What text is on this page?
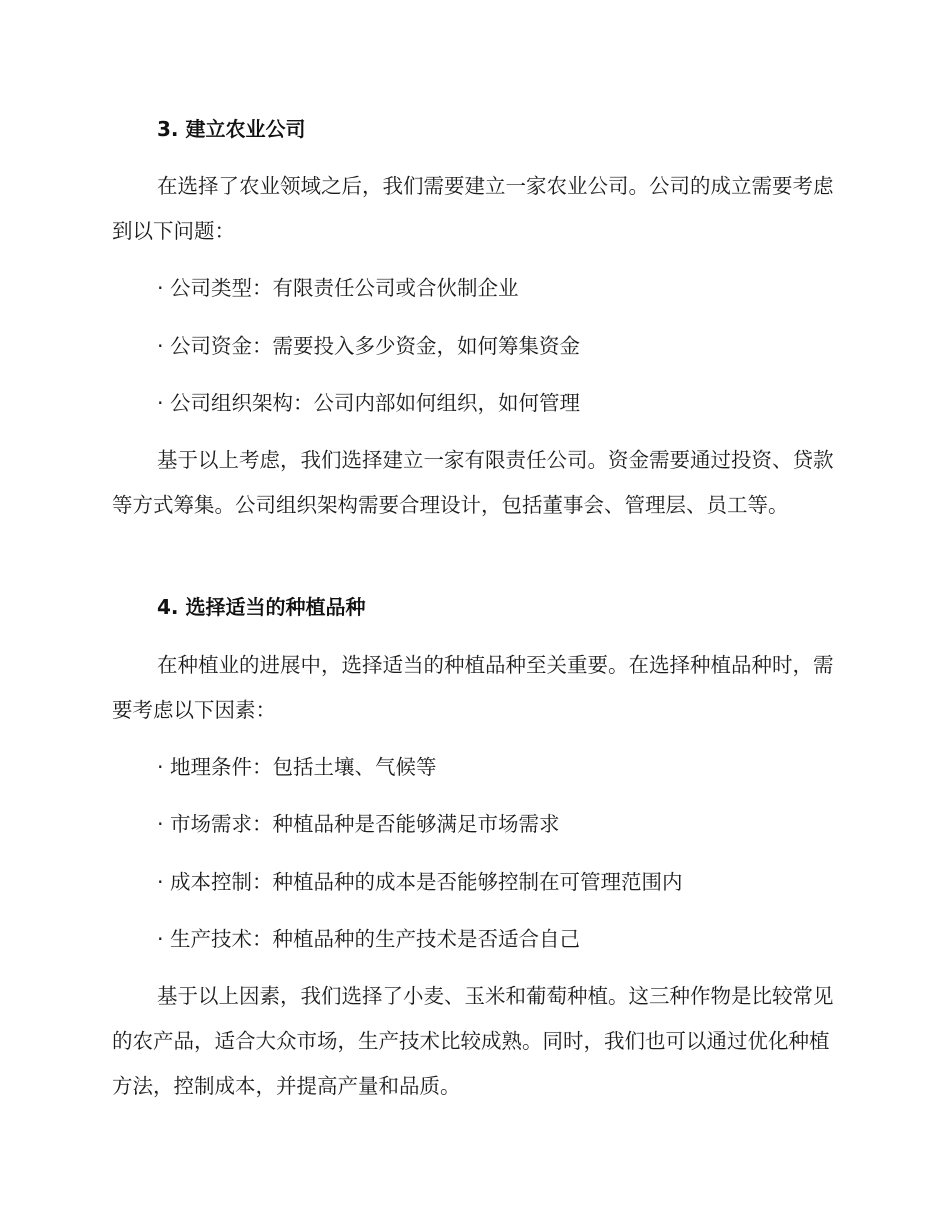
3. 建立农业公司

在选择了农业领域之后，我们需要建立一家农业公司。公司的成立需要考虑到以下问题：

· 公司类型：有限责任公司或合伙制企业
· 公司资金：需要投入多少资金，如何筹集资金
· 公司组织架构：公司内部如何组织，如何管理

基于以上考虑，我们选择建立一家有限责任公司。资金需要通过投资、贷款等方式筹集。公司组织架构需要合理设计，包括董事会、管理层、员工等。

4. 选择适当的种植品种

在种植业的进展中，选择适当的种植品种至关重要。在选择种植品种时，需要考虑以下因素：

· 地理条件：包括土壤、气候等
· 市场需求：种植品种是否能够满足市场需求
· 成本控制：种植品种的成本是否能够控制在可管理范围内
· 生产技术：种植品种的生产技术是否适合自己

基于以上因素，我们选择了小麦、玉米和葡萄种植。这三种作物是比较常见的农产品，适合大众市场，生产技术比较成熟。同时，我们也可以通过优化种植方法，控制成本，并提高产量和品质。
